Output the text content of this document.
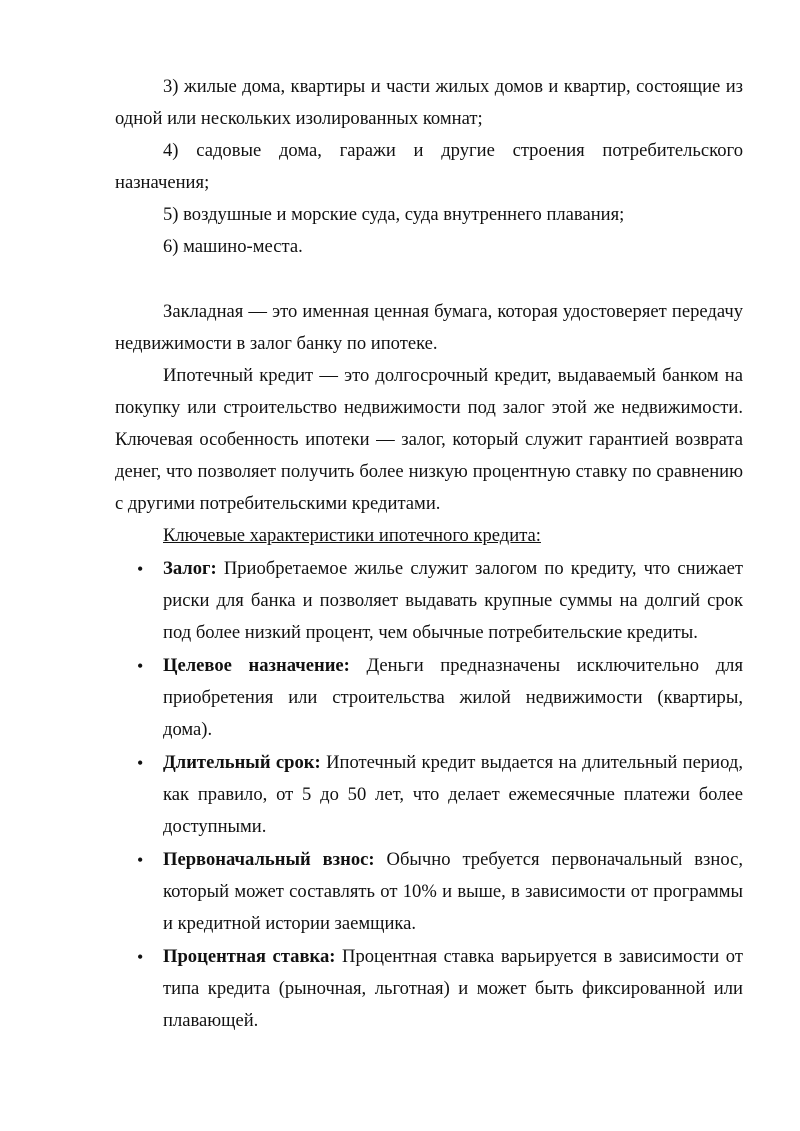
3) жилые дома, квартиры и части жилых домов и квартир, состоящие из одной или нескольких изолированных комнат;

4) садовые дома, гаражи и другие строения потребительского назначения;

5) воздушные и морские суда, суда внутреннего плавания;

6) машино-места.

Закладная — это именная ценная бумага, которая удостоверяет передачу недвижимости в залог банку по ипотеке.

Ипотечный кредит — это долгосрочный кредит, выдаваемый банком на покупку или строительство недвижимости под залог этой же недвижимости. Ключевая особенность ипотеки — залог, который служит гарантией возврата денег, что позволяет получить более низкую процентную ставку по сравнению с другими потребительскими кредитами.

Ключевые характеристики ипотечного кредита:
• Залог: Приобретаемое жилье служит залогом по кредиту, что снижает риски для банка и позволяет выдавать крупные суммы на долгий срок под более низкий процент, чем обычные потребительские кредиты.

• Целевое назначение: Деньги предназначены исключительно для приобретения или строительства жилой недвижимости (квартиры, дома).

• Длительный срок: Ипотечный кредит выдается на длительный период, как правило, от 5 до 50 лет, что делает ежемесячные платежи более доступными.

• Первоначальный взнос: Обычно требуется первоначальный взнос, который может составлять от 10% и выше, в зависимости от программы и кредитной истории заемщика.

• Процентная ставка: Процентная ставка варьируется в зависимости от типа кредита (рыночная, льготная) и может быть фиксированной или плавающей.
